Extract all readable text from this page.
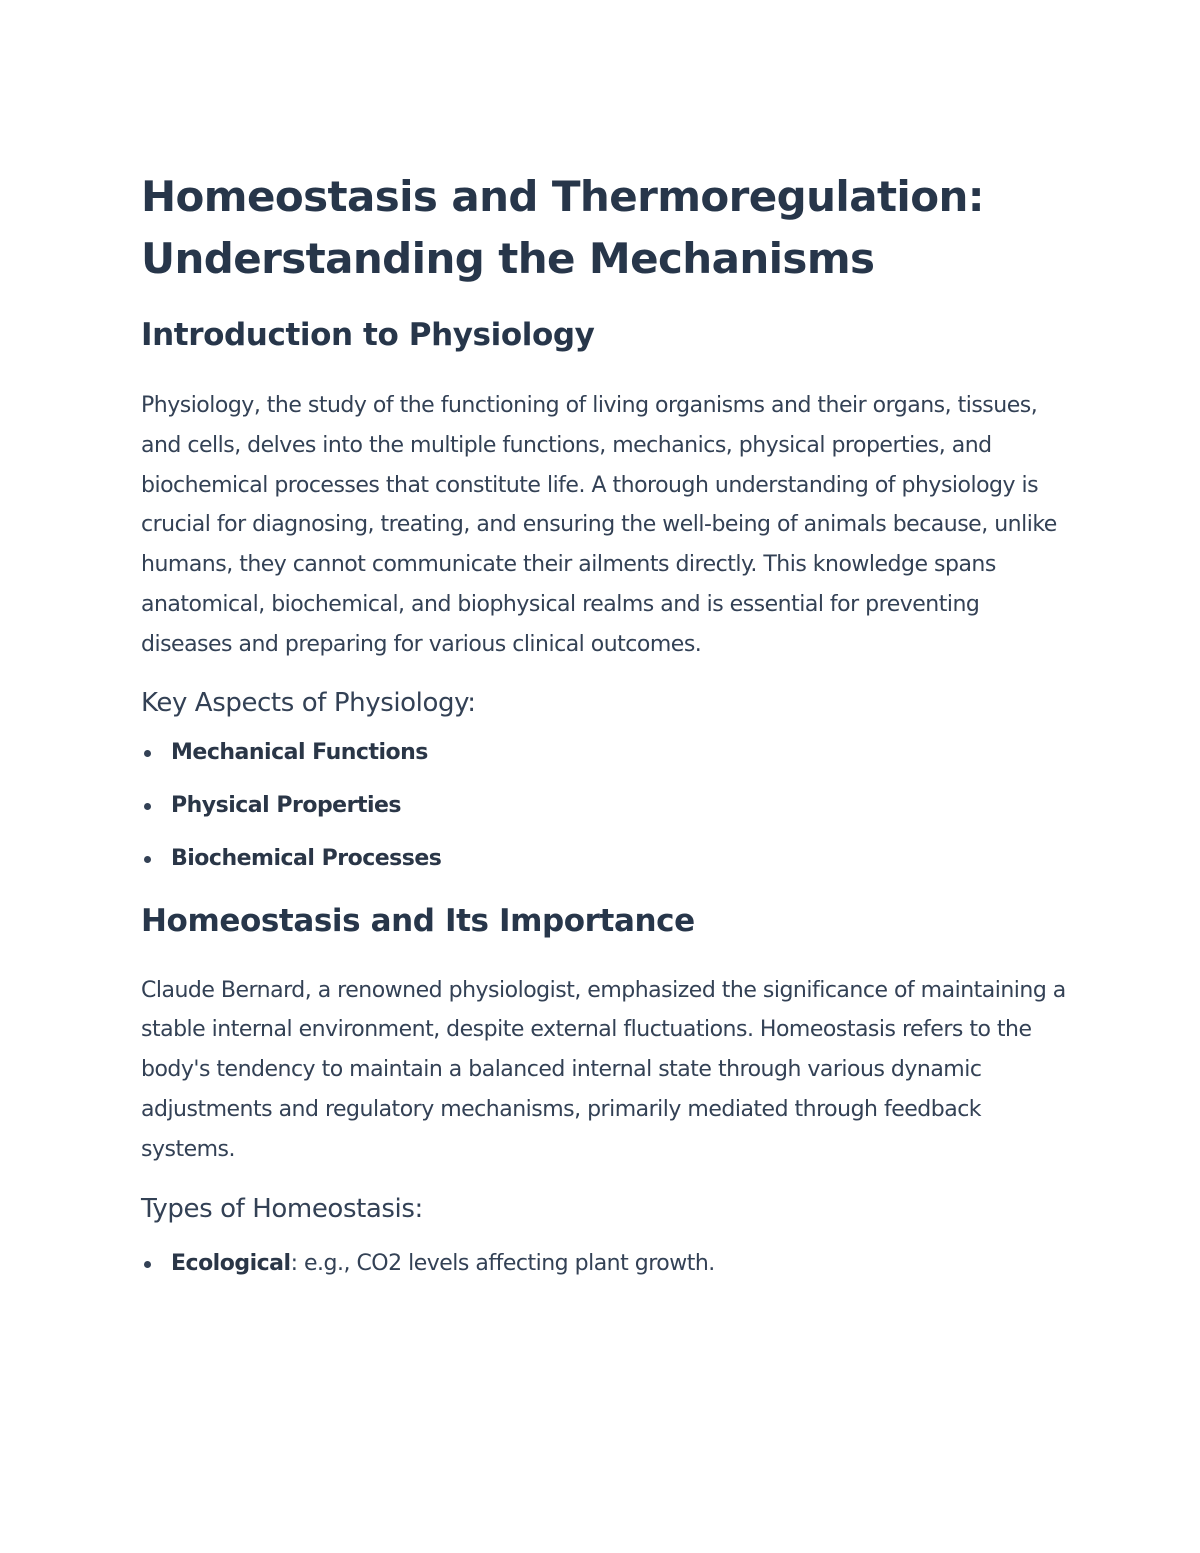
Homeostasis and Thermoregulation:
Understanding the Mechanisms
Introduction to Physiology

Physiology, the study of the functioning of living organisms and their organs, tissues, and cells, delves into the multiple functions, mechanics, physical properties, and biochemical processes that constitute life. A thorough understanding of physiology is crucial for diagnosing, treating, and ensuring the well-being of animals because, unlike humans, they cannot communicate their ailments directly. This knowledge spans anatomical, biochemical, and biophysical realms and is essential for preventing diseases and preparing for various clinical outcomes.

Key Aspects of Physiology:
Mechanical Functions
Physical Properties
Biochemical Processes
Homeostasis and Its Importance

Claude Bernard, a renowned physiologist, emphasized the significance of maintaining a stable internal environment, despite external fluctuations. Homeostasis refers to the body's tendency to maintain a balanced internal state through various dynamic adjustments and regulatory mechanisms, primarily mediated through feedback systems.

Types of Homeostasis:
Ecological: e.g., CO2 levels affecting plant growth.
